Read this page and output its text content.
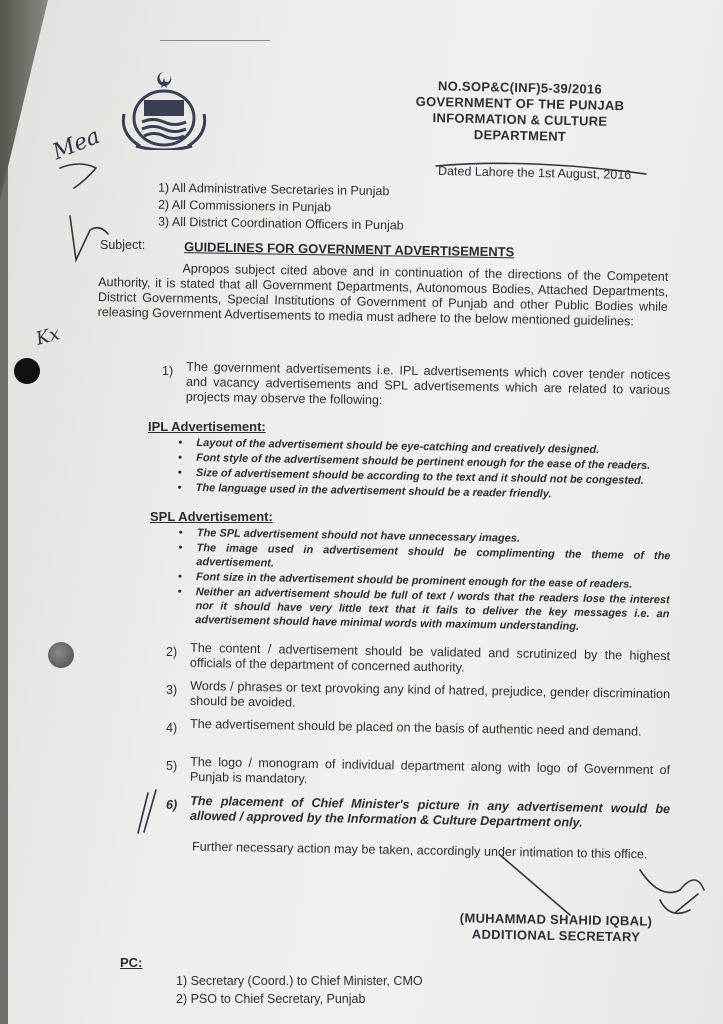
NO.SOP&C(INF)5-39/2016
GOVERNMENT OF THE PUNJAB
INFORMATION & CULTURE
DEPARTMENT
Dated Lahore the 1st August, 2016
1) All Administrative Secretaries in Punjab
2) All Commissioners in Punjab
3) All District Coordination Officers in Punjab
Subject:	GUIDELINES FOR GOVERNMENT ADVERTISEMENTS
Apropos subject cited above and in continuation of the directions of the Competent Authority, it is stated that all Government Departments, Autonomous Bodies, Attached Departments, District Governments, Special Institutions of Government of Punjab and other Public Bodies while releasing Government Advertisements to media must adhere to the below mentioned guidelines:
1) The government advertisements i.e. IPL advertisements which cover tender notices and vacancy advertisements and SPL advertisements which are related to various projects may observe the following:
IPL Advertisement:
• Layout of the advertisement should be eye-catching and creatively designed.
• Font style of the advertisement should be pertinent enough for the ease of the readers.
• Size of advertisement should be according to the text and it should not be congested.
• The language used in the advertisement should be a reader friendly.
SPL Advertisement:
• The SPL advertisement should not have unnecessary images.
• The image used in advertisement should be complimenting the theme of the advertisement.
• Font size in the advertisement should be prominent enough for the ease of readers.
• Neither an advertisement should be full of text / words that the readers lose the interest nor it should have very little text that it fails to deliver the key messages i.e. an advertisement should have minimal words with maximum understanding.
2) The content / advertisement should be validated and scrutinized by the highest officials of the department of concerned authority.
3) Words / phrases or text provoking any kind of hatred, prejudice, gender discrimination should be avoided.
4) The advertisement should be placed on the basis of authentic need and demand.
5) The logo / monogram of individual department along with logo of Government of Punjab is mandatory.
6) The placement of Chief Minister's picture in any advertisement would be allowed / approved by the Information & Culture Department only.
Further necessary action may be taken, accordingly under intimation to this office.
(MUHAMMAD SHAHID IQBAL)
ADDITIONAL SECRETARY
PC:
1) Secretary (Coord.) to Chief Minister, CMO
2) PSO to Chief Secretary, Punjab
Mea
Kx
